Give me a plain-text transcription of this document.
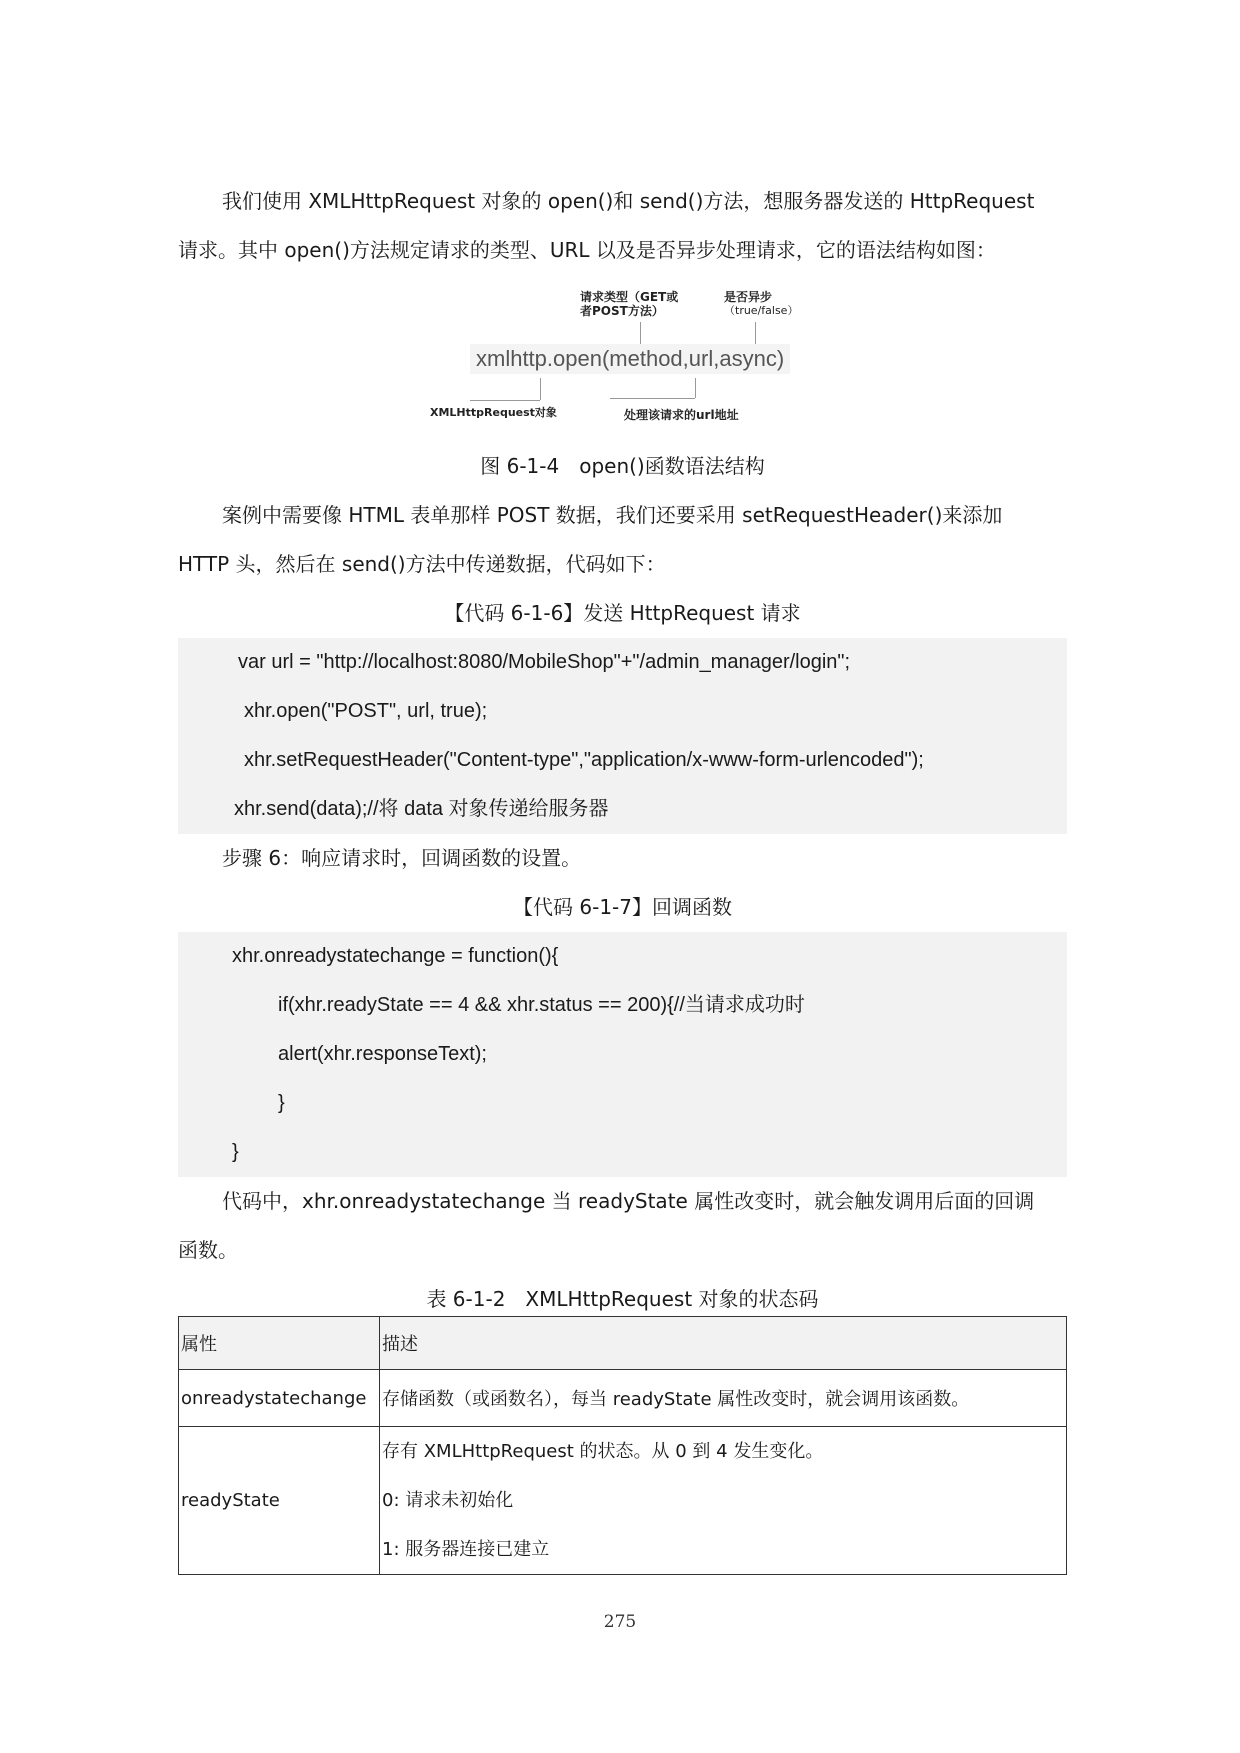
我们使用 XMLHttpRequest 对象的 open()和 send()方法，想服务器发送的 HttpRequest

请求。其中 open()方法规定请求的类型、URL 以及是否异步处理请求，它的语法结构如图：

请求类型（GET或
者POST方法）
是否异步
（true/false）
xmlhttp.open(method,url,async)
XMLHttpRequest对象	处理该请求的url地址

图 6-1-4　open()函数语法结构

案例中需要像 HTML 表单那样 POST 数据，我们还要采用 setRequestHeader()来添加

HTTP 头，然后在 send()方法中传递数据，代码如下：

【代码 6-1-6】发送 HttpRequest 请求

var url = "http://localhost:8080/MobileShop"+"/admin_manager/login";
xhr.open("POST", url, true);
xhr.setRequestHeader("Content-type","application/x-www-form-urlencoded");
xhr.send(data);//将 data 对象传递给服务器

步骤 6：响应请求时，回调函数的设置。

【代码 6-1-7】回调函数

xhr.onreadystatechange = function(){
if(xhr.readyState == 4 && xhr.status == 200){//当请求成功时
alert(xhr.responseText);
}
}

代码中，xhr.onreadystatechange 当 readyState 属性改变时，就会触发调用后面的回调

函数。

表 6-1-2　XMLHttpRequest 对象的状态码

属性	描述
onreadystatechange	存储函数（或函数名），每当 readyState 属性改变时，就会调用该函数。
readyState	存有 XMLHttpRequest 的状态。从 0 到 4 发生变化。
0: 请求未初始化
1: 服务器连接已建立
275
